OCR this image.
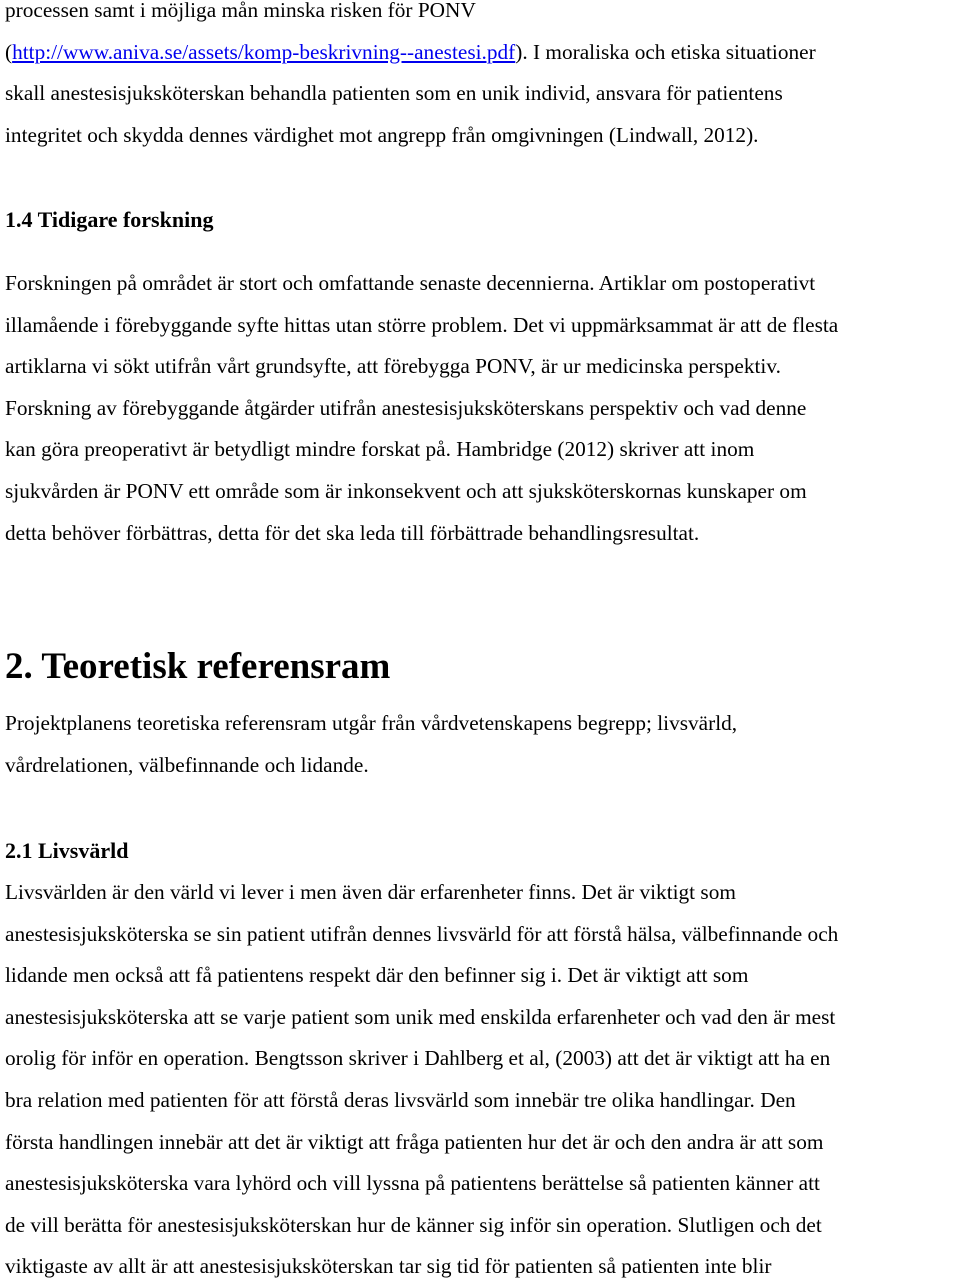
processen samt i möjliga mån minska risken för PONV
(http://www.aniva.se/assets/komp-beskrivning--anestesi.pdf). I moraliska och etiska situationer
skall anestesisjuksköterskan behandla patienten som en unik individ, ansvara för patientens
integritet och skydda dennes värdighet mot angrepp från omgivningen (Lindwall, 2012).
1.4 Tidigare forskning
Forskningen på området är stort och omfattande senaste decennierna. Artiklar om postoperativt
illamående i förebyggande syfte hittas utan större problem. Det vi uppmärksammat är att de flesta
artiklarna vi sökt utifrån vårt grundsyfte, att förebygga PONV, är ur medicinska perspektiv.
Forskning av förebyggande åtgärder utifrån anestesisjuksköterskans perspektiv och vad denne
kan göra preoperativt är betydligt mindre forskat på. Hambridge (2012) skriver att inom
sjukvården är PONV ett område som är inkonsekvent och att sjuksköterskornas kunskaper om
detta behöver förbättras, detta för det ska leda till förbättrade behandlingsresultat.
2. Teoretisk referensram
Projektplanens teoretiska referensram utgår från vårdvetenskapens begrepp; livsvärld,
vårdrelationen, välbefinnande och lidande.
2.1 Livsvärld
Livsvärlden är den värld vi lever i men även där erfarenheter finns. Det är viktigt som
anestesisjuksköterska se sin patient utifrån dennes livsvärld för att förstå hälsa, välbefinnande och
lidande men också att få patientens respekt där den befinner sig i. Det är viktigt att som
anestesisjuksköterska att se varje patient som unik med enskilda erfarenheter och vad den är mest
orolig för inför en operation. Bengtsson skriver i Dahlberg et al, (2003) att det är viktigt att ha en
bra relation med patienten för att förstå deras livsvärld som innebär tre olika handlingar. Den
första handlingen innebär att det är viktigt att fråga patienten hur det är och den andra är att som
anestesisjuksköterska vara lyhörd och vill lyssna på patientens berättelse så patienten känner att
de vill berätta för anestesisjuksköterskan hur de känner sig inför sin operation. Slutligen och det
viktigaste av allt är att anestesisjuksköterskan tar sig tid för patienten så patienten inte blir
